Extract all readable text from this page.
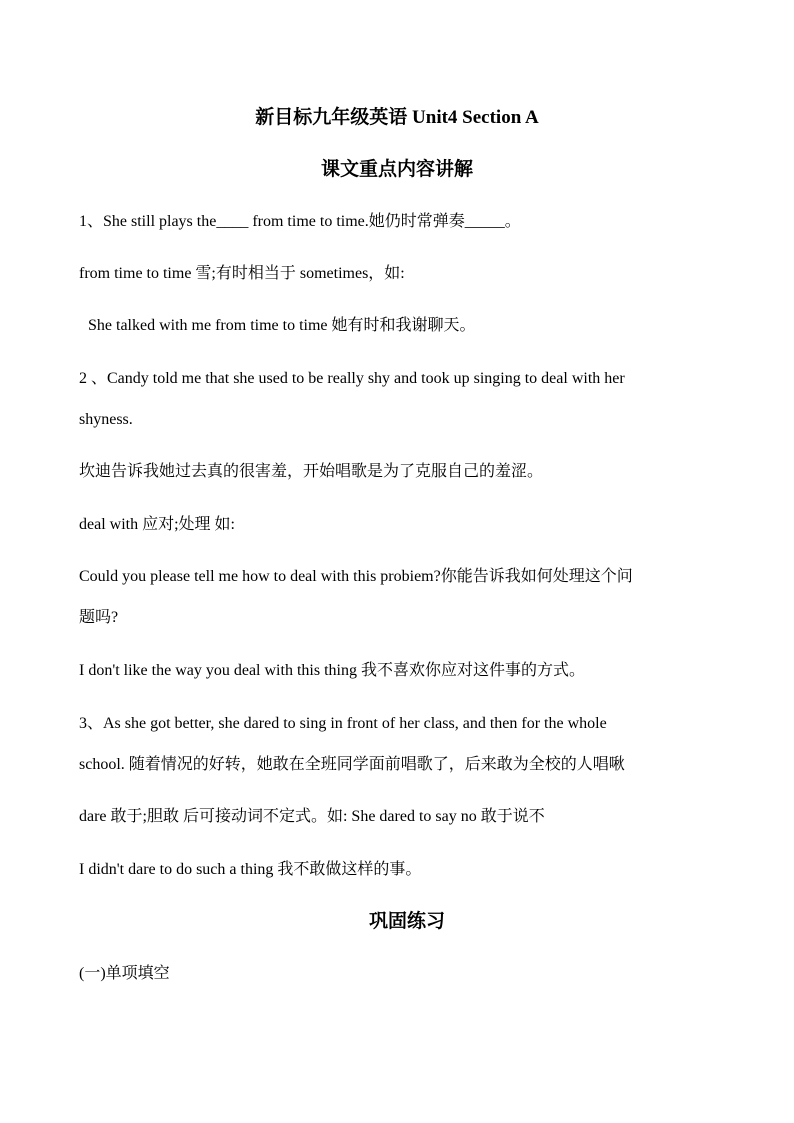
新目标九年级英语 Unit4 Section A
课文重点内容讲解

1、She still plays the____ from time to time.她仍时常弹奏_____。

from time to time 雪;有时相当于 sometimes，如:

She talked with me from time to time 她有时和我谢聊天。

2 、Candy told me that she used to be really shy and took up singing to deal with her

shyness.

坎迪告诉我她过去真的很害羞，开始唱歌是为了克服自己的羞涩。

deal with 应对;处理 如:

Could you please tell me how to deal with this probiem?你能告诉我如何处理这个问

题吗?

I don't like the way you deal with this thing 我不喜欢你应对这件事的方式。

3、As she got better, she dared to sing in front of her class, and then for the whole

school. 随着情况的好转，她敢在全班同学面前唱歌了，后来敢为全校的人唱啾

dare 敢于;胆敢 后可接动词不定式。如: She dared to say no 敢于说不

I didn't dare to do such a thing 我不敢做这样的事。

巩固练习

(一)单项填空
